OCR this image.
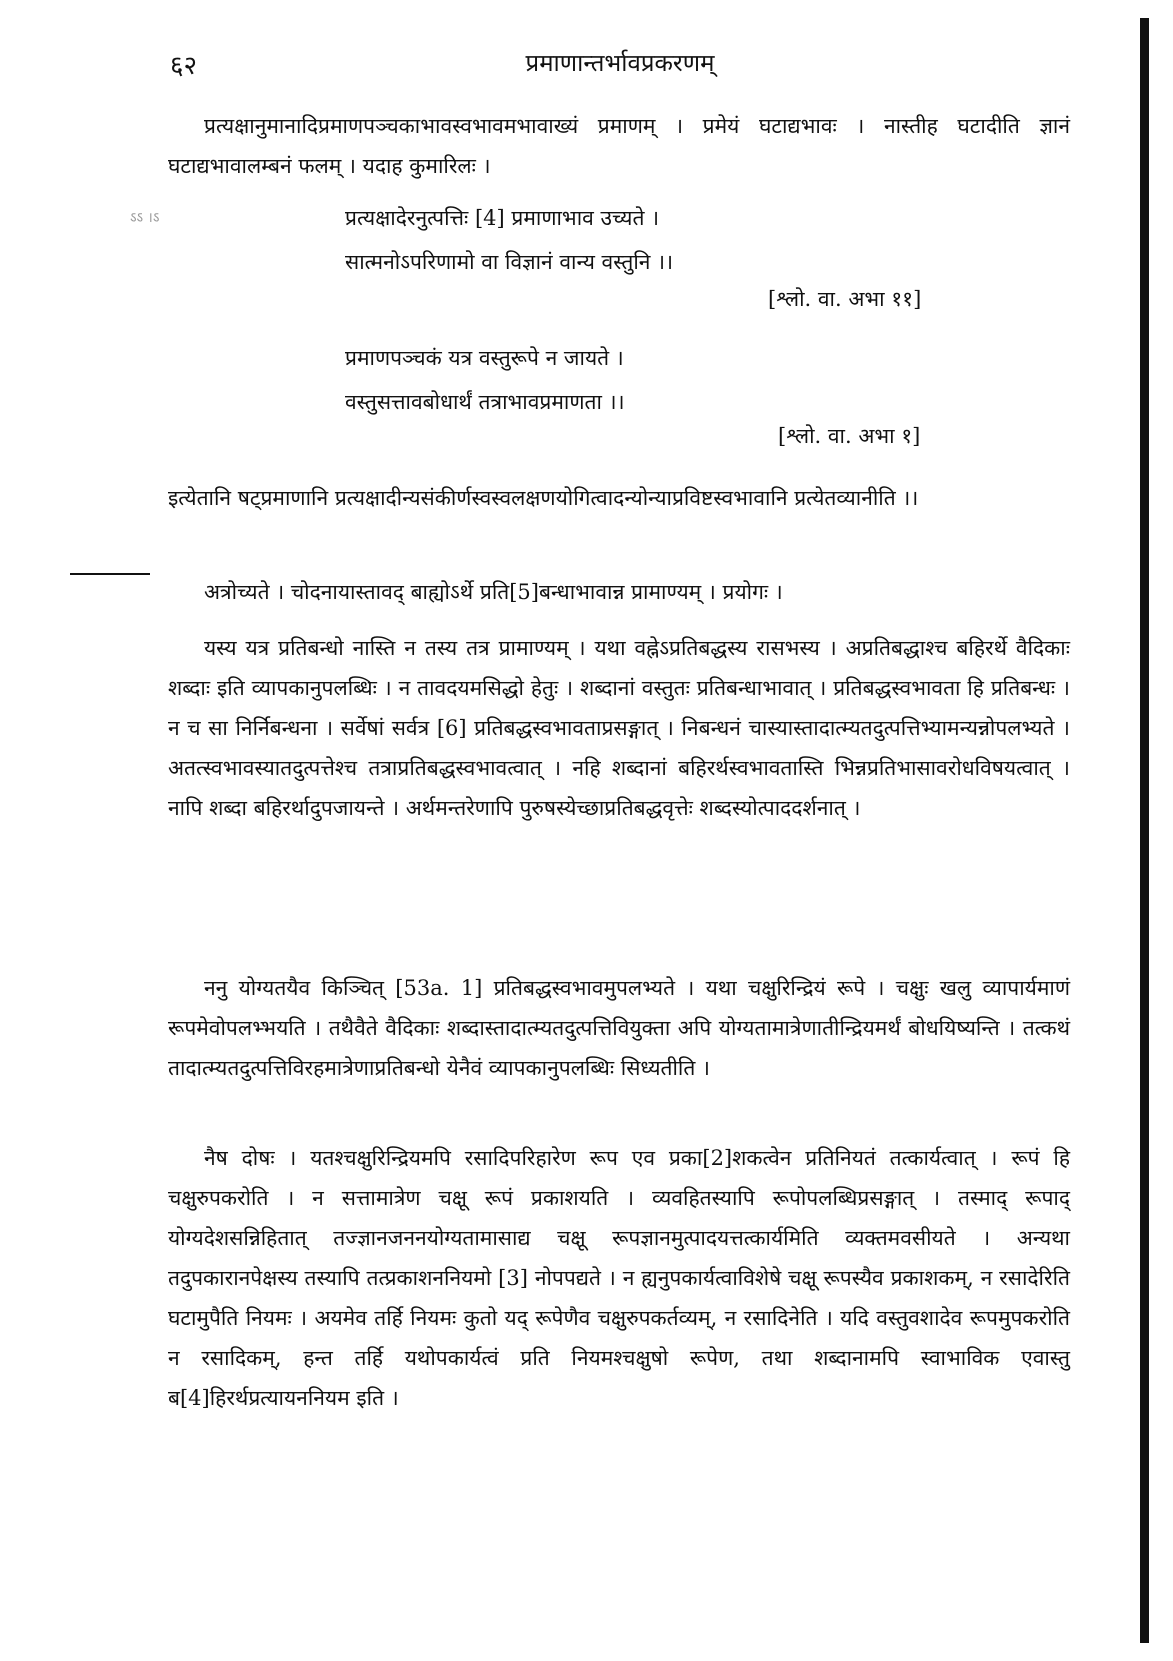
६२	प्रमाणान्तर्भावप्रकरणम्

प्रत्यक्षानुमानादिप्रमाणपञ्चकाभावस्वभावमभावाख्यं प्रमाणम् । प्रमेयं घटाद्यभावः । नास्तीह घटादीति ज्ञानं घटाद्यभावालम्बनं फलम् । यदाह कुमारिलः ।

ऽऽ ।ऽ	प्रत्यक्षादेरनुत्पत्तिः [4] प्रमाणाभाव उच्यते ।
सात्मनोऽपरिणामो वा विज्ञानं वान्य वस्तुनि ।।
[श्लो. वा. अभा ११]
प्रमाणपञ्चकं यत्र वस्तुरूपे न जायते ।
वस्तुसत्तावबोधार्थं तत्राभावप्रमाणता ।।
[श्लो. वा. अभा १]

इत्येतानि षट्प्रमाणानि प्रत्यक्षादीन्यसंकीर्णस्वस्वलक्षणयोगित्वादन्योन्याप्रविष्टस्वभावानि प्रत्येतव्यानीति ।।

अत्रोच्यते । चोदनायास्तावद् बाह्योऽर्थे प्रति[5]बन्धाभावान्न प्रामाण्यम् । प्रयोगः ।

यस्य यत्र प्रतिबन्धो नास्ति न तस्य तत्र प्रामाण्यम् । यथा वह्नेऽप्रतिबद्धस्य रासभस्य । अप्रतिबद्धाश्च बहिरर्थे वैदिकाः शब्दाः इति व्यापकानुपलब्धिः । न तावदयमसिद्धो हेतुः । शब्दानां वस्तुतः प्रतिबन्धाभावात् । प्रतिबद्धस्वभावता हि प्रतिबन्धः । न च सा निर्निबन्धना । सर्वेषां सर्वत्र [6] प्रतिबद्धस्वभावताप्रसङ्गात् । निबन्धनं चास्यास्तादात्म्यतदुत्पत्तिभ्यामन्यन्नोपलभ्यते । अतत्स्वभावस्यातदुत्पत्तेश्च तत्राप्रतिबद्धस्वभावत्वात् । नहि शब्दानां बहिरर्थस्वभावतास्ति भिन्नप्रतिभासावरोधविषयत्वात् । नापि शब्दा बहिरर्थादुपजायन्ते । अर्थमन्तरेणापि पुरुषस्येच्छाप्रतिबद्धवृत्तेः शब्दस्योत्पाददर्शनात् ।

ननु योग्यतयैव किञ्चित् [53a. 1] प्रतिबद्धस्वभावमुपलभ्यते । यथा चक्षुरिन्द्रियं रूपे । चक्षुः खलु व्यापार्यमाणं रूपमेवोपलभ्भयति । तथैवैते वैदिकाः शब्दास्तादात्म्यतदुत्पत्तिवियुक्ता अपि योग्यतामात्रेणातीन्द्रियमर्थं बोधयिष्यन्ति । तत्कथं तादात्म्यतदुत्पत्तिविरहमात्रेणाप्रतिबन्धो येनैवं व्यापकानुपलब्धिः सिध्यतीति ।

नैष दोषः । यतश्चक्षुरिन्द्रियमपि रसादिपरिहारेण रूप एव प्रका[2]शकत्वेन प्रतिनियतं तत्कार्यत्वात् । रूपं हि चक्षुरुपकरोति । न सत्तामात्रेण चक्षू रूपं प्रकाशयति । व्यवहितस्यापि रूपोपलब्धिप्रसङ्गात् । तस्माद् रूपाद् योग्यदेशसन्निहितात् तज्ज्ञानजननयोग्यतामासाद्य चक्षू रूपज्ञानमुत्पादयत्तत्कार्यमिति व्यक्तमवसीयते । अन्यथा तदुपकारानपेक्षस्य तस्यापि तत्प्रकाशननियमो [3] नोपपद्यते । न ह्यनुपकार्यत्वाविशेषे चक्षू रूपस्यैव प्रकाशकम्, न रसादेरिति घटामुपैति नियमः । अयमेव तर्हि नियमः कुतो यद् रूपेणैव चक्षुरुपकर्तव्यम्, न रसादिनेति । यदि वस्तुवशादेव रूपमुपकरोति न रसादिकम्, हन्त तर्हि यथोपकार्यत्वं प्रति नियमश्चक्षुषो रूपेण, तथा शब्दानामपि स्वाभाविक एवास्तु ब[4]हिरर्थप्रत्यायननियम इति ।
